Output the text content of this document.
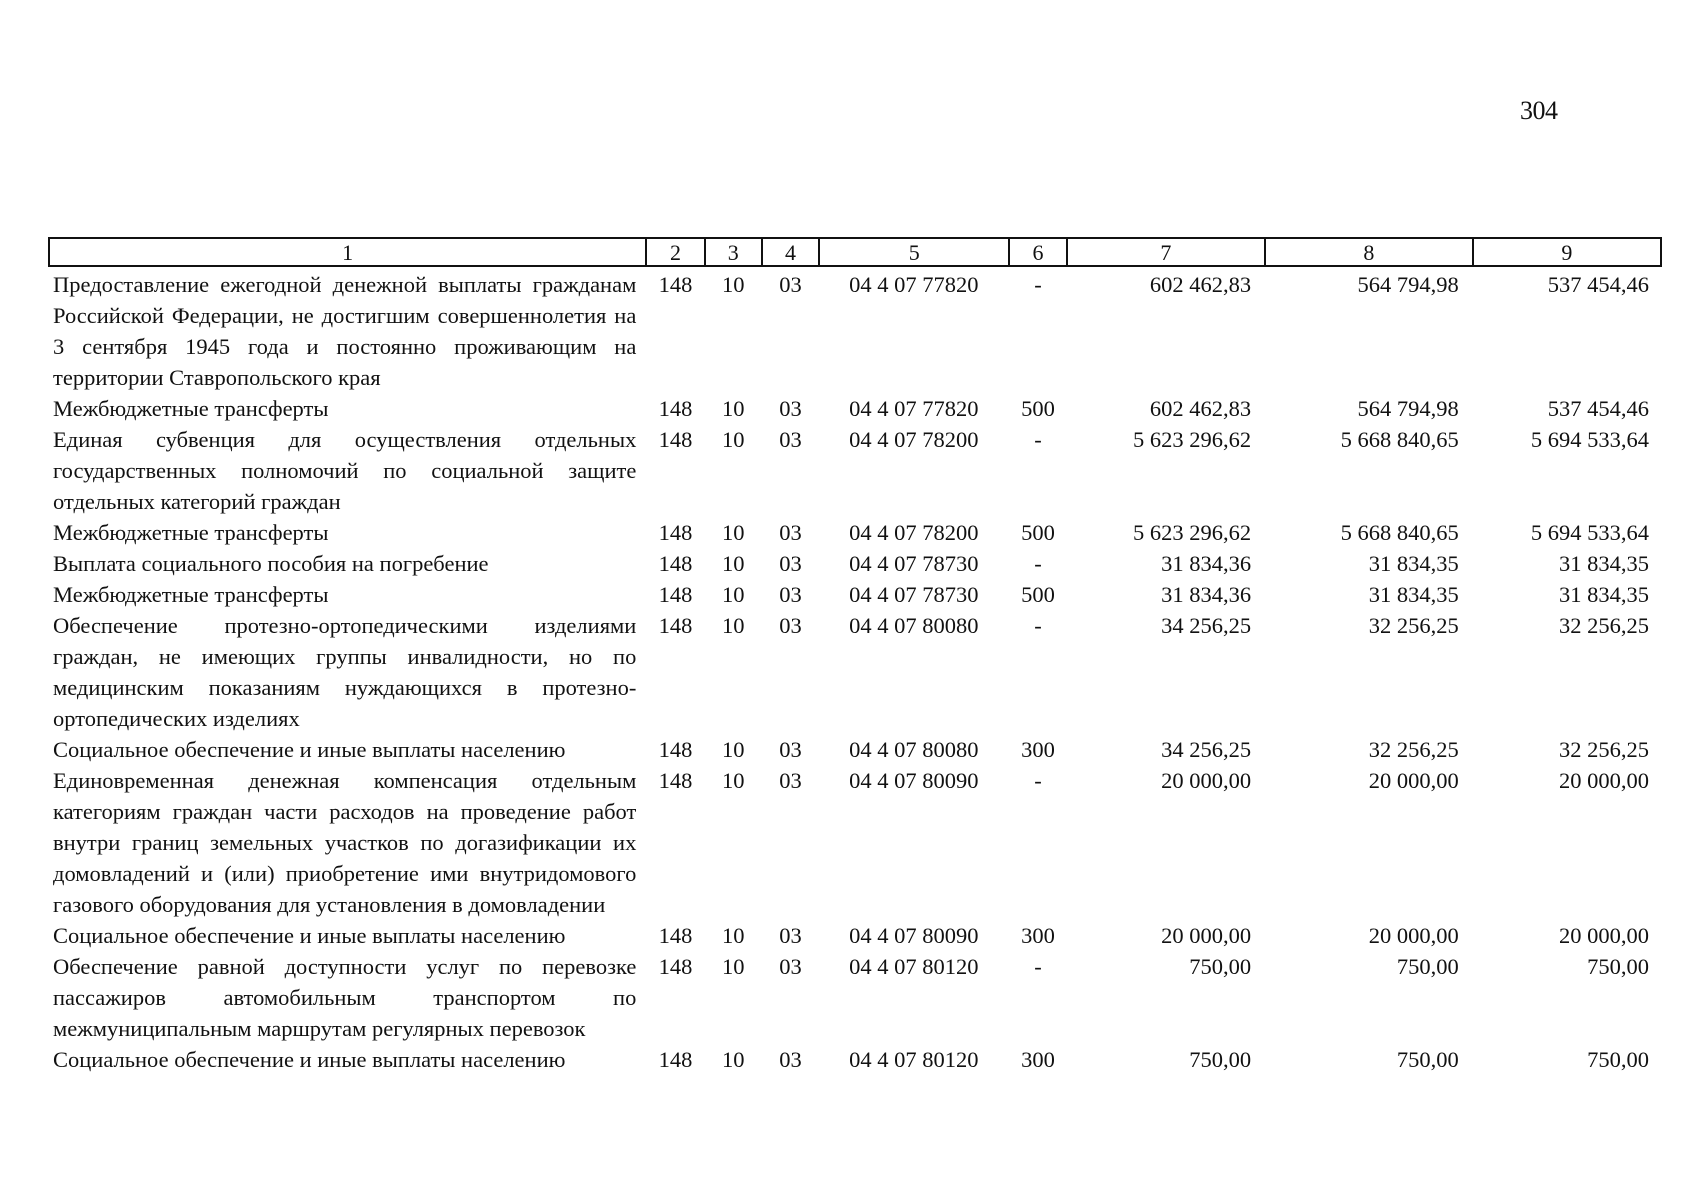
304
1	2	3	4	5	6	7	8	9
Предоставление ежегодной денежной выплаты гражданам Российской Федерации, не достигшим совершеннолетия на 3 сентября 1945 года и постоянно проживающим на территории Ставропольского края	148	10	03	04 4 07 77820	-	602 462,83	564 794,98	537 454,46
Межбюджетные трансферты	148	10	03	04 4 07 77820	500	602 462,83	564 794,98	537 454,46
Единая субвенция для осуществления отдельных государственных полномочий по социальной защите отдельных категорий граждан	148	10	03	04 4 07 78200	-	5 623 296,62	5 668 840,65	5 694 533,64
Межбюджетные трансферты	148	10	03	04 4 07 78200	500	5 623 296,62	5 668 840,65	5 694 533,64
Выплата социального пособия на погребение	148	10	03	04 4 07 78730	-	31 834,36	31 834,35	31 834,35
Межбюджетные трансферты	148	10	03	04 4 07 78730	500	31 834,36	31 834,35	31 834,35
Обеспечение протезно-ортопедическими изделиями граждан, не имеющих группы инвалидности, но по медицинским показаниям нуждающихся в протезно-ортопедических изделиях	148	10	03	04 4 07 80080	-	34 256,25	32 256,25	32 256,25
Социальное обеспечение и иные выплаты населению	148	10	03	04 4 07 80080	300	34 256,25	32 256,25	32 256,25
Единовременная денежная компенсация отдельным категориям граждан части расходов на проведение работ внутри границ земельных участков по догазификации их домовладений и (или) приобретение ими внутридомового газового оборудования для установления в домовладении	148	10	03	04 4 07 80090	-	20 000,00	20 000,00	20 000,00
Социальное обеспечение и иные выплаты населению	148	10	03	04 4 07 80090	300	20 000,00	20 000,00	20 000,00
Обеспечение равной доступности услуг по перевозке пассажиров автомобильным транспортом по межмуниципальным маршрутам регулярных перевозок	148	10	03	04 4 07 80120	-	750,00	750,00	750,00
Социальное обеспечение и иные выплаты населению	148	10	03	04 4 07 80120	300	750,00	750,00	750,00
